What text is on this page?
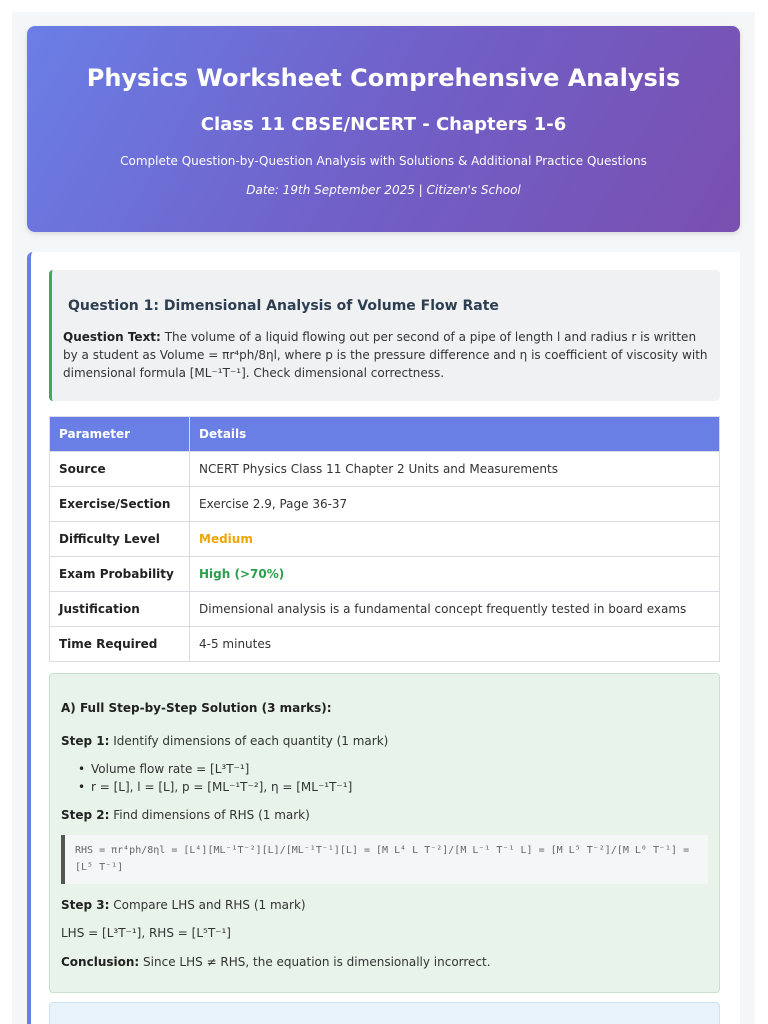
Physics Worksheet Comprehensive Analysis
Class 11 CBSE/NCERT - Chapters 1-6
Complete Question-by-Question Analysis with Solutions & Additional Practice Questions
Date: 19th September 2025 | Citizen's School
Question 1: Dimensional Analysis of Volume Flow Rate
Question Text: The volume of a liquid flowing out per second of a pipe of length l and radius r is written by a student as Volume = πr⁴ph/8ηl, where p is the pressure difference and η is coefficient of viscosity with dimensional formula [ML⁻¹T⁻¹]. Check dimensional correctness.
Parameter	Details
Source	NCERT Physics Class 11 Chapter 2 Units and Measurements
Exercise/Section	Exercise 2.9, Page 36-37
Difficulty Level	Medium
Exam Probability	High (>70%)
Justification	Dimensional analysis is a fundamental concept frequently tested in board exams
Time Required	4-5 minutes
A) Full Step-by-Step Solution (3 marks):
Step 1: Identify dimensions of each quantity (1 mark)
• Volume flow rate = [L³T⁻¹]
• r = [L], l = [L], p = [ML⁻¹T⁻²], η = [ML⁻¹T⁻¹]
Step 2: Find dimensions of RHS (1 mark)
RHS = πr⁴ph/8ηl = [L⁴][ML⁻¹T⁻²][L]/[ML⁻¹T⁻¹][L] = [M L⁴ L T⁻²]/[M L⁻¹ T⁻¹ L] = [M L⁵ T⁻²]/[M L⁰ T⁻¹] = [L⁵ T⁻¹]
Step 3: Compare LHS and RHS (1 mark)
LHS = [L³T⁻¹], RHS = [L⁵T⁻¹]
Conclusion: Since LHS ≠ RHS, the equation is dimensionally incorrect.
